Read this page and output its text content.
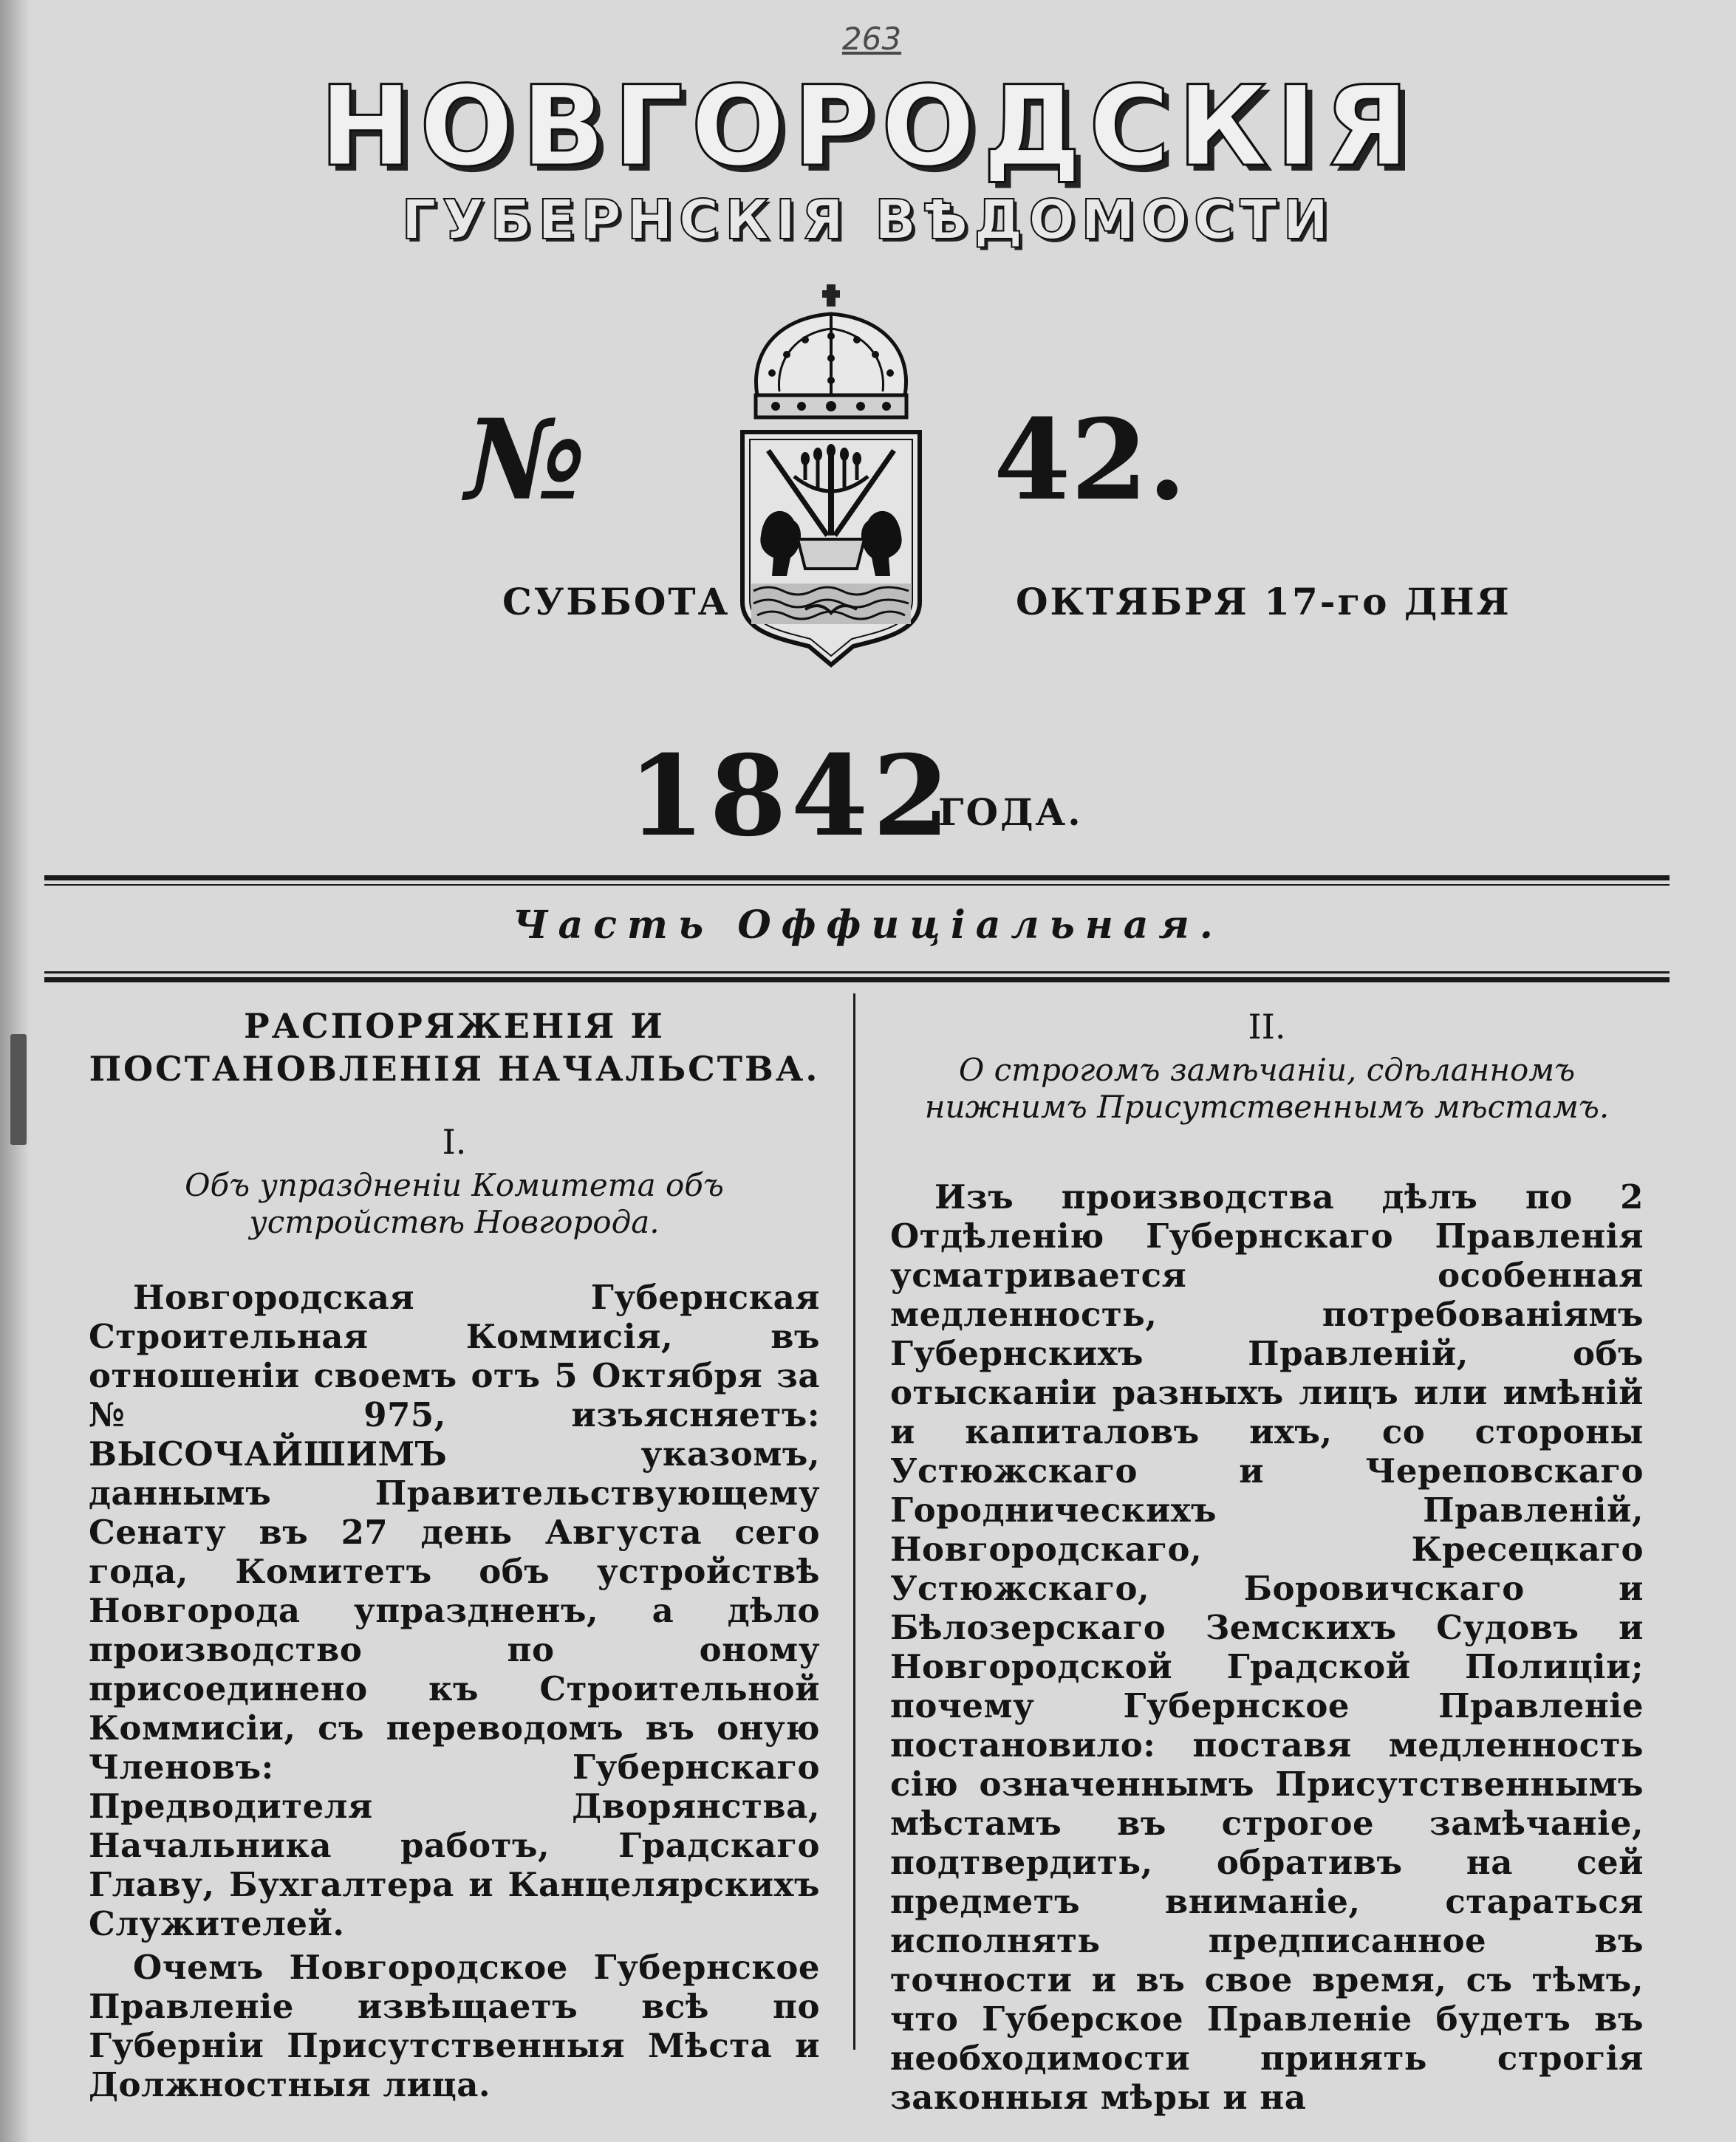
263
НОВГОРОДСКІЯ
ГУБЕРНСКІЯ ВѢДОМОСТИ
№	42.
СУББОТА	ОКТЯБРЯ 17-го ДНЯ
1842
ГОДА.
Часть Оффиціальная.

РАСПОРЯЖЕНІЯ И ПОСТАНОВЛЕНІЯ НАЧАЛЬСТВА.

I.

Объ упраздненіи Комитета объ устройствѣ Новгорода.

Новгородская Губернская Строительная Коммисія, въ отношеніи своемъ отъ 5 Октября за № 975, изъясняетъ: ВЫСОЧАЙШИМЪ указомъ, даннымъ Правительствующему Сенату въ 27 день Августа сего года, Комитетъ объ устройствѣ Новгорода упраздненъ, а дѣло производство по оному присоединено къ Строительной Коммисіи, съ переводомъ въ оную Членовъ: Губернскаго Предводителя Дворянства, Начальника работъ, Градскаго Главу, Бухгалтера и Канцелярскихъ Служителей.

Очемъ Новгородское Губернское Правленіе извѣщаетъ всѣ по Губерніи Присутственныя Мѣста и Должностныя лица.

II.

О строгомъ замѣчаніи, сдѣланномъ нижнимъ Присутственнымъ мѣстамъ.

Изъ производства дѣлъ по 2 Отдѣленію Губернскаго Правленія усматривается особенная медленность, потребованіямъ Губернскихъ Правленій, объ отысканіи разныхъ лицъ или имѣній и капиталовъ ихъ, со стороны Устюжскаго и Череповскаго Городническихъ Правленій, Новгородскаго, Кресецкаго Устюжскаго, Боровичскаго и Бѣлозерскаго Земскихъ Судовъ и Новгородской Градской Полиціи; почему Губернское Правленіе постановило: поставя медленность сію означеннымъ Присутственнымъ мѣстамъ въ строгое замѣчаніе, подтвердить, обративъ на сей предметъ вниманіе, стараться исполнять предписанное въ точности и въ свое время, съ тѣмъ, что Губерское Правленіе будетъ въ необходимости принять строгія законныя мѣры и на
